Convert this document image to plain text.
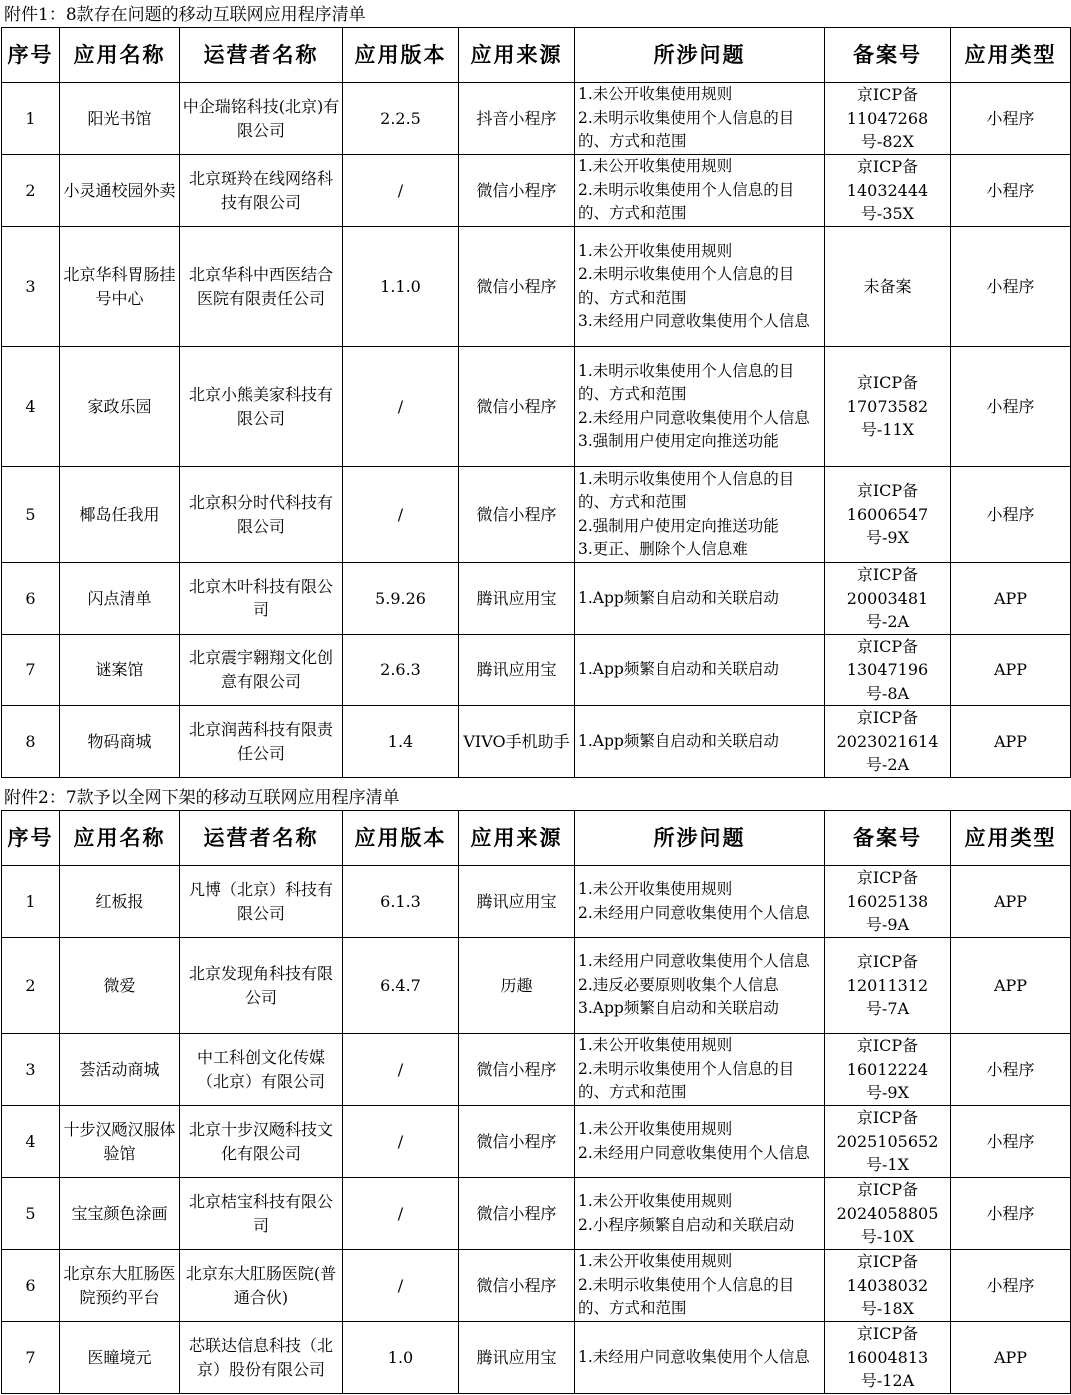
附件1：8款存在问题的移动互联网应用程序清单
序号	应用名称	运营者名称	应用版本	应用来源	所涉问题	备案号	应用类型
1	阳光书馆	中企瑞铭科技(北京)有限公司	2.2.5	抖音小程序	1.未公开收集使用规则
2.未明示收集使用个人信息的目的、方式和范围	京ICP备11047268号-82X	小程序
2	小灵通校园外卖	北京斑羚在线网络科技有限公司	/	微信小程序	1.未公开收集使用规则
2.未明示收集使用个人信息的目的、方式和范围	京ICP备14032444号-35X	小程序
3	北京华科胃肠挂号中心	北京华科中西医结合医院有限责任公司	1.1.0	微信小程序	1.未公开收集使用规则
2.未明示收集使用个人信息的目的、方式和范围
3.未经用户同意收集使用个人信息	未备案	小程序
4	家政乐园	北京小熊美家科技有限公司	/	微信小程序	1.未明示收集使用个人信息的目的、方式和范围
2.未经用户同意收集使用个人信息
3.强制用户使用定向推送功能	京ICP备17073582号-11X	小程序
5	椰岛任我用	北京积分时代科技有限公司	/	微信小程序	1.未明示收集使用个人信息的目的、方式和范围
2.强制用户使用定向推送功能
3.更正、删除个人信息难	京ICP备16006547号-9X	小程序
6	闪点清单	北京木叶科技有限公司	5.9.26	腾讯应用宝	1.App频繁自启动和关联启动	京ICP备20003481号-2A	APP
7	谜案馆	北京震宇翱翔文化创意有限公司	2.6.3	腾讯应用宝	1.App频繁自启动和关联启动	京ICP备13047196号-8A	APP
8	物码商城	北京润茜科技有限责任公司	1.4	VIVO手机助手	1.App频繁自启动和关联启动	京ICP备2023021614号-2A	APP
附件2：7款予以全网下架的移动互联网应用程序清单
序号	应用名称	运营者名称	应用版本	应用来源	所涉问题	备案号	应用类型
1	红板报	凡博（北京）科技有限公司	6.1.3	腾讯应用宝	1.未公开收集使用规则
2.未经用户同意收集使用个人信息	京ICP备16025138号-9A	APP
2	微爱	北京发现角科技有限公司	6.4.7	历趣	1.未经用户同意收集使用个人信息
2.违反必要原则收集个人信息
3.App频繁自启动和关联启动	京ICP备12011312号-7A	APP
3	荟活动商城	中工科创文化传媒（北京）有限公司	/	微信小程序	1.未公开收集使用规则
2.未明示收集使用个人信息的目的、方式和范围	京ICP备16012224号-9X	小程序
4	十步汉飏汉服体验馆	北京十步汉飏科技文化有限公司	/	微信小程序	1.未公开收集使用规则
2.未经用户同意收集使用个人信息	京ICP备2025105652号-1X	小程序
5	宝宝颜色涂画	北京桔宝科技有限公司	/	微信小程序	1.未公开收集使用规则
2.小程序频繁自启动和关联启动	京ICP备2024058805号-10X	小程序
6	北京东大肛肠医院预约平台	北京东大肛肠医院(普通合伙)	/	微信小程序	1.未公开收集使用规则
2.未明示收集使用个人信息的目的、方式和范围	京ICP备14038032号-18X	小程序
7	医瞳境元	芯联达信息科技（北京）股份有限公司	1.0	腾讯应用宝	1.未经用户同意收集使用个人信息	京ICP备16004813号-12A	APP
